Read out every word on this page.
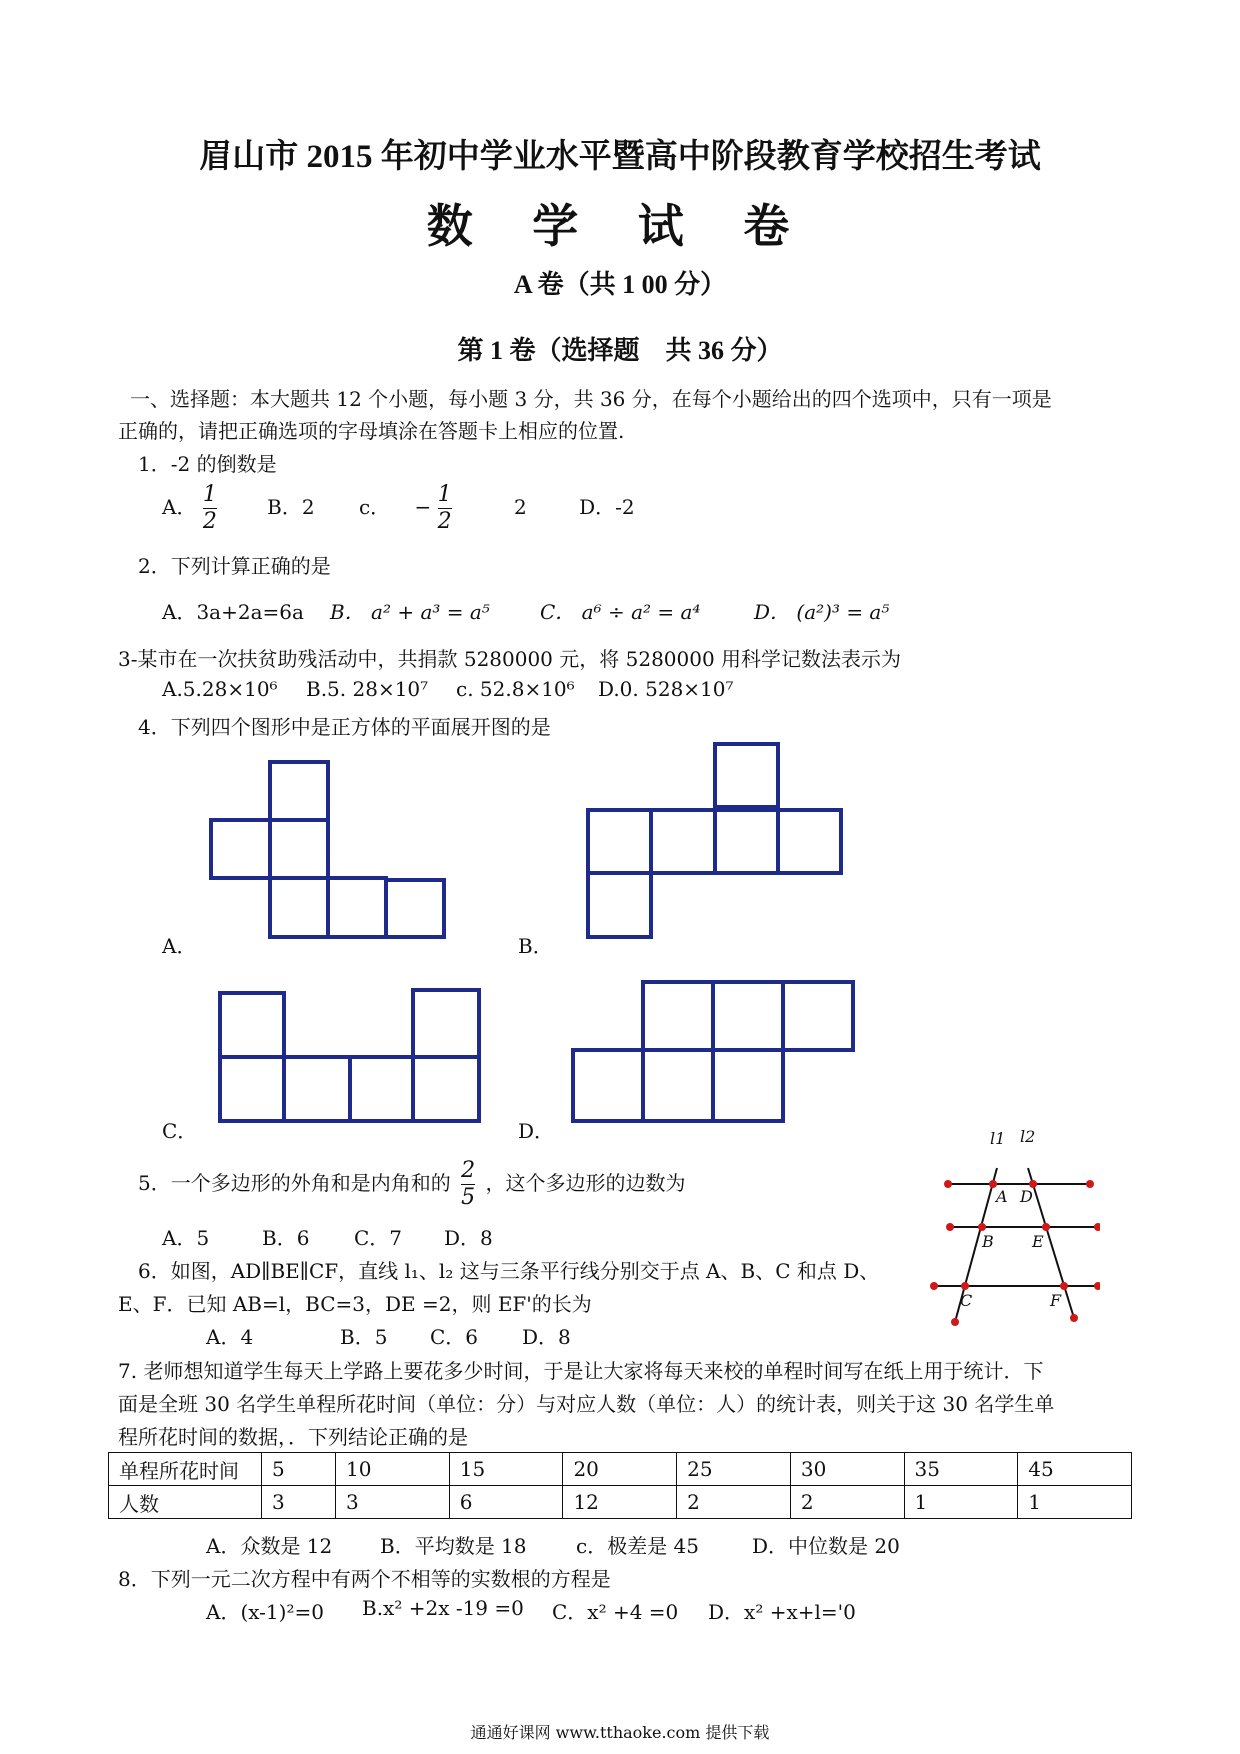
眉山市 2015 年初中学业水平暨高中阶段教育学校招生考试
数 学 试 卷
A 卷（共 1 00 分）
第 1 卷（选择题　共 36 分）
一、选择题：本大题共 12 个小题，每小题 3 分，共 36 分，在每个小题给出的四个选项中，只有一项是
正确的，请把正确选项的字母填涂在答题卡上相应的位置.
1．-2 的倒数是
A． $\frac{1}{2}$	B．2 c． − $\frac{1}{2}$	2	D．-2
2．下列计算正确的是
A．3a+2a=6a B． a² + a³ = a⁵	C． a⁶ ÷ a² = a⁴	D． (a²)³ = a⁵
3-某市在一次扶贫助残活动中，共捐款 5280000 元，将 5280000 用科学记数法表示为
A.5.28×10⁶ B.5. 28×10⁷ c. 52.8×10⁶ D.0. 528×10⁷
4．下列四个图形中是正方体的平面展开图的是
A．	B．
C．	D．
5．一个多边形的外角和是内角和的 $\frac{2}{5}$ ，这个多边形的边数为
A．5	B．6 C．7 D．8
l1 l2
A D
B E
C	F
6．如图，AD∥BE∥CF，直线 l₁、l₂ 这与三条平行线分别交于点 A、B、C 和点 D、
E、F．已知 AB=l，BC=3，DE =2，则 EF'的长为
A．4	B．5 C．6 D．8
7. 老师想知道学生每天上学路上要花多少时间，于是让大家将每天来校的单程时间写在纸上用于统计．下
面是全班 30 名学生单程所花时间（单位：分）与对应人数（单位：人）的统计表，则关于这 30 名学生单
程所花时间的数据，．下列结论正确的是
单程所花时间	5	10	15	20	25	30	35	45
人数	3	3	6	12	2	2	1	1
A．众数是 12 B．平均数是 18 c．极差是 45	D．中位数是 20
8．下列一元二次方程中有两个不相等的实数根的方程是
A．(x-1)²=0 B.x² +2x -19 =0 C．x² +4 =0 D．x² +x+l='0
通通好课网 www.tthaoke.com 提供下载
